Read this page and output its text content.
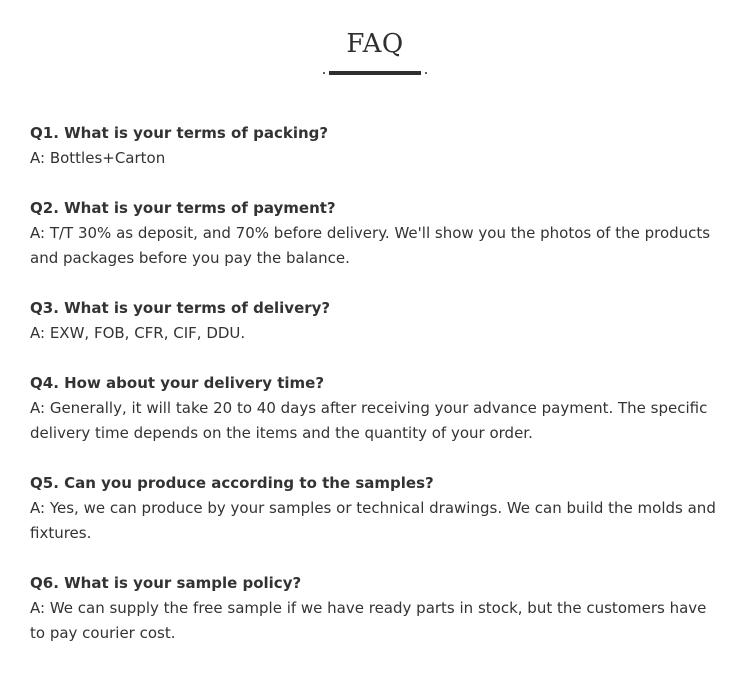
FAQ
Q1. What is your terms of packing?
A: Bottles+Carton
Q2. What is your terms of payment?
A: T/T 30% as deposit, and 70% before delivery. We'll show you the photos of the products and packages before you pay the balance.
Q3. What is your terms of delivery?
A: EXW, FOB, CFR, CIF, DDU.
Q4. How about your delivery time?
A: Generally, it will take 20 to 40 days after receiving your advance payment. The specific delivery time depends on the items and the quantity of your order.
Q5. Can you produce according to the samples?
A: Yes, we can produce by your samples or technical drawings. We can build the molds and fixtures.
Q6. What is your sample policy?
A: We can supply the free sample if we have ready parts in stock, but the customers have to pay courier cost.
